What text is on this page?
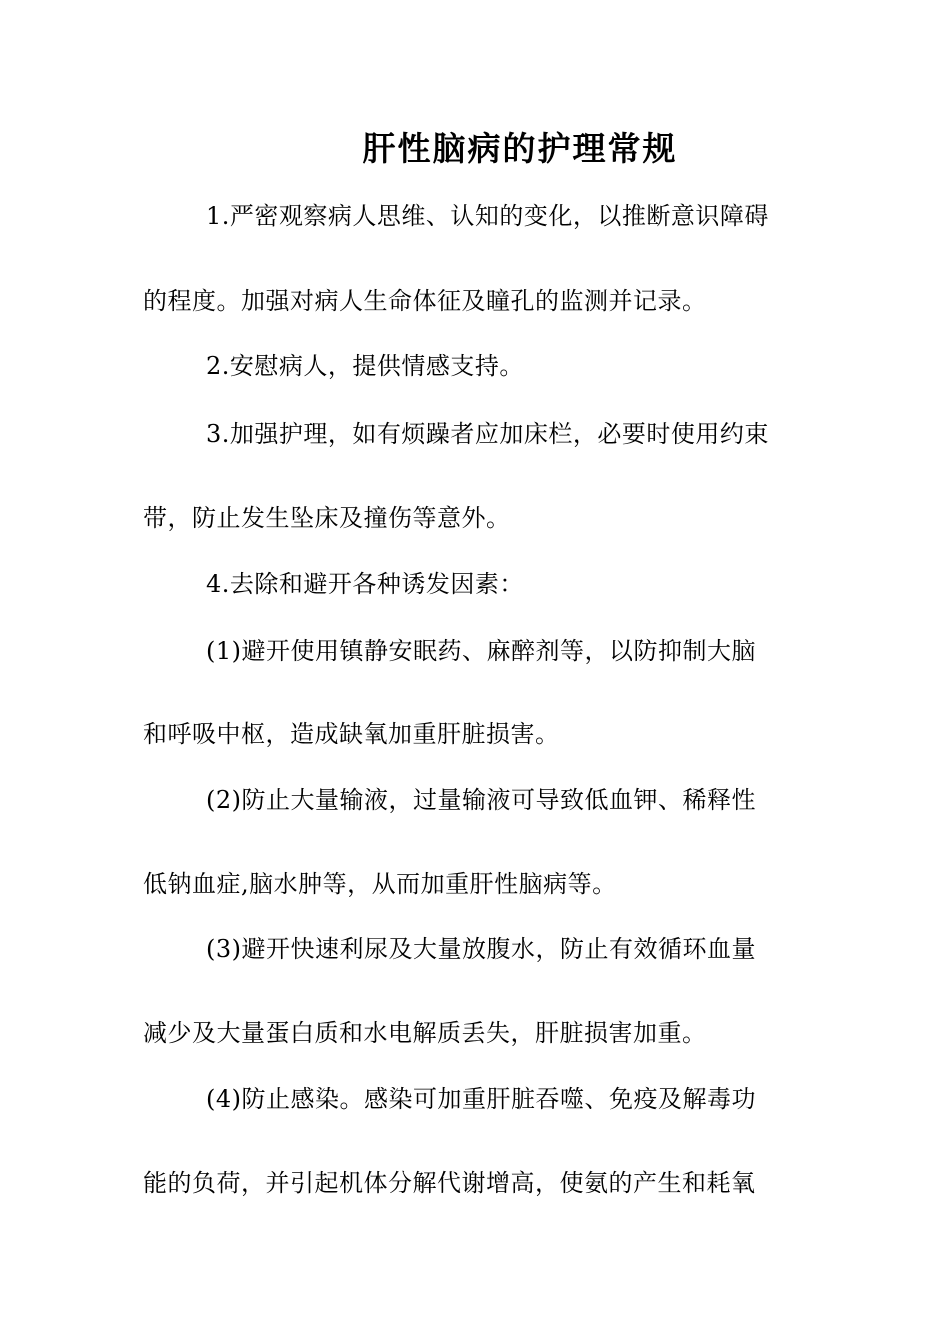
肝性脑病的护理常规
1.严密观察病人思维、认知的变化，以推断意识障碍
的程度。加强对病人生命体征及瞳孔的监测并记录。
2.安慰病人，提供情感支持。
3.加强护理，如有烦躁者应加床栏，必要时使用约束
带，防止发生坠床及撞伤等意外。
4.去除和避开各种诱发因素：
(1)避开使用镇静安眠药、麻醉剂等，以防抑制大脑
和呼吸中枢，造成缺氧加重肝脏损害。
(2)防止大量输液，过量输液可导致低血钾、稀释性
低钠血症,脑水肿等，从而加重肝性脑病等。
(3)避开快速利尿及大量放腹水，防止有效循环血量
减少及大量蛋白质和水电解质丢失，肝脏损害加重。
(4)防止感染。感染可加重肝脏吞噬、免疫及解毒功
能的负荷，并引起机体分解代谢增高，使氨的产生和耗氧
